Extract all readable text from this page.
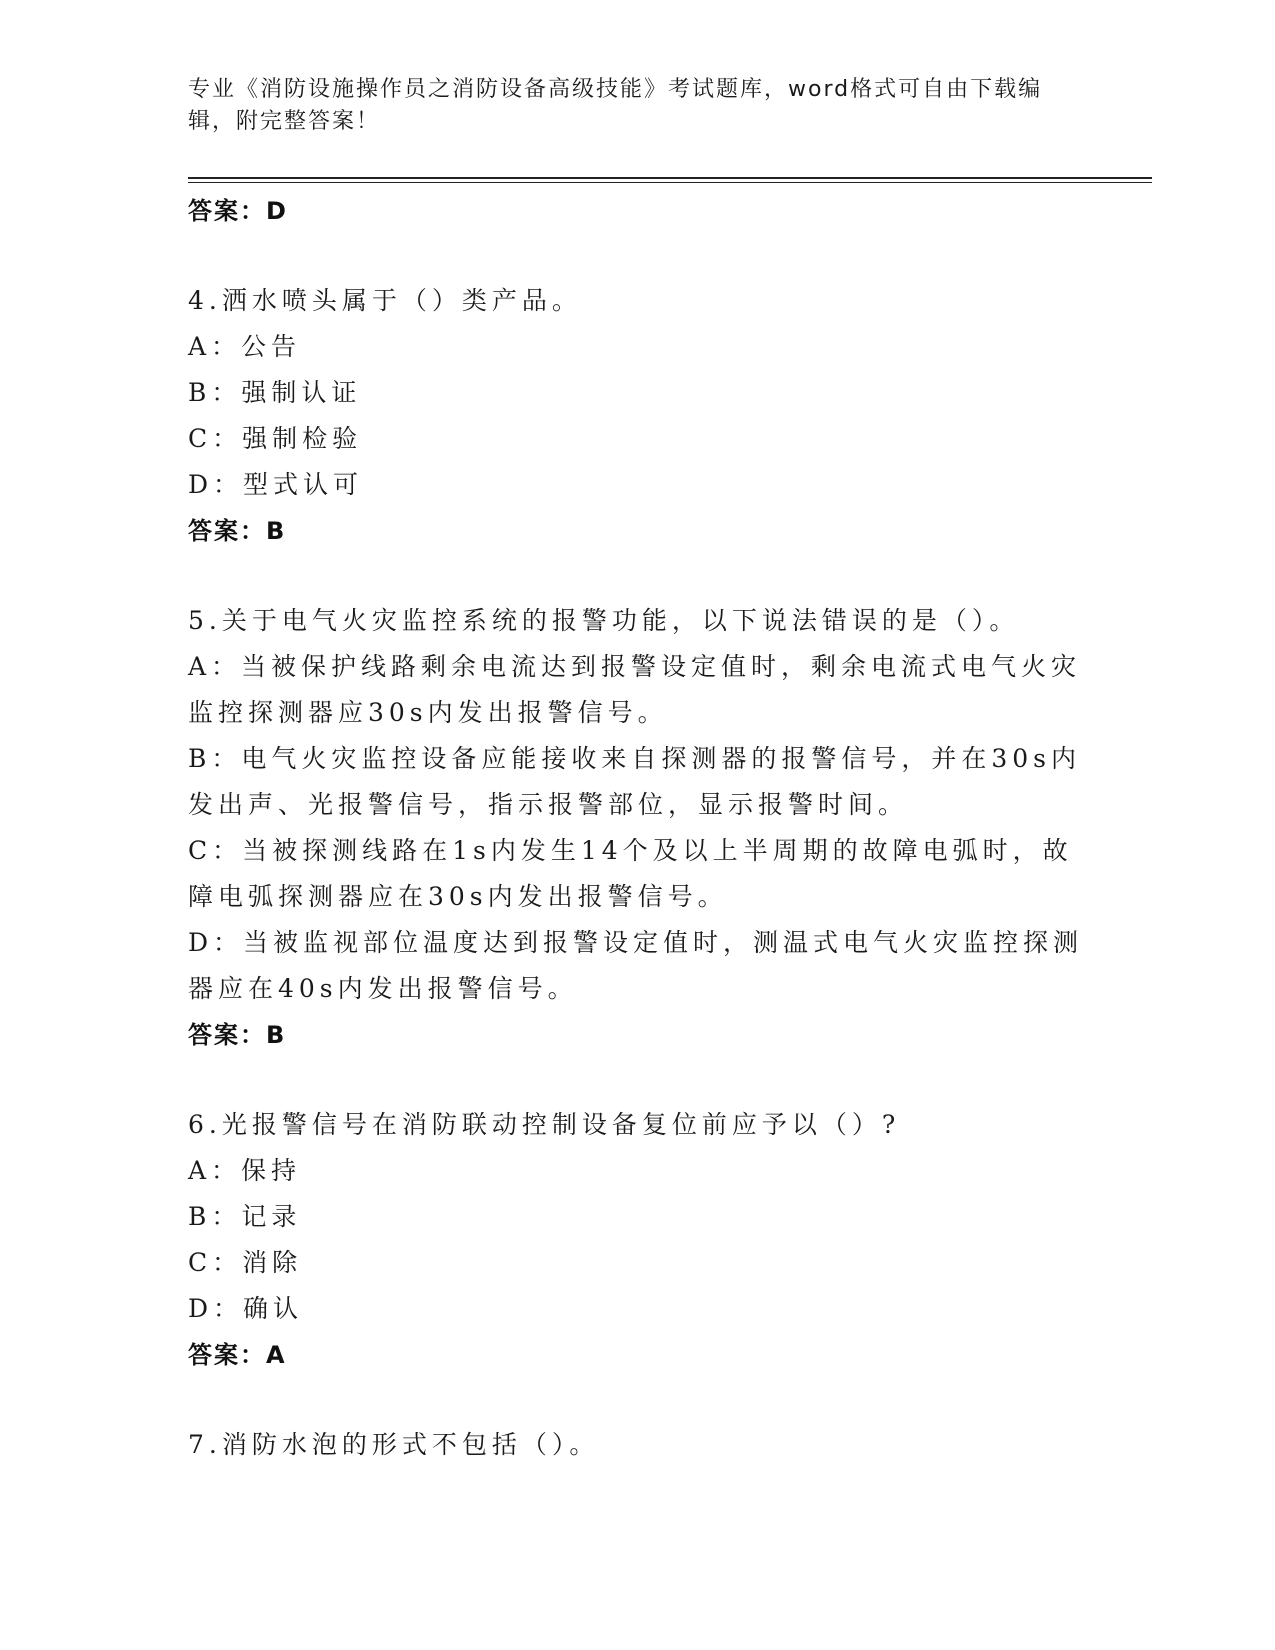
专业《消防设施操作员之消防设备高级技能》考试题库，word格式可自由下载编辑，附完整答案！
答案：D
4.洒水喷头属于（）类产品。
A：公告
B：强制认证
C：强制检验
D：型式认可
答案：B
5.关于电气火灾监控系统的报警功能，以下说法错误的是（）。
A：当被保护线路剩余电流达到报警设定值时，剩余电流式电气火灾监控探测器应30s内发出报警信号。
B：电气火灾监控设备应能接收来自探测器的报警信号，并在30s内发出声、光报警信号，指示报警部位，显示报警时间。
C：当被探测线路在1s内发生14个及以上半周期的故障电弧时，故障电弧探测器应在30s内发出报警信号。
D：当被监视部位温度达到报警设定值时，测温式电气火灾监控探测器应在40s内发出报警信号。
答案：B
6.光报警信号在消防联动控制设备复位前应予以（）?
A：保持
B：记录
C：消除
D：确认
答案：A
7.消防水泡的形式不包括（）。
